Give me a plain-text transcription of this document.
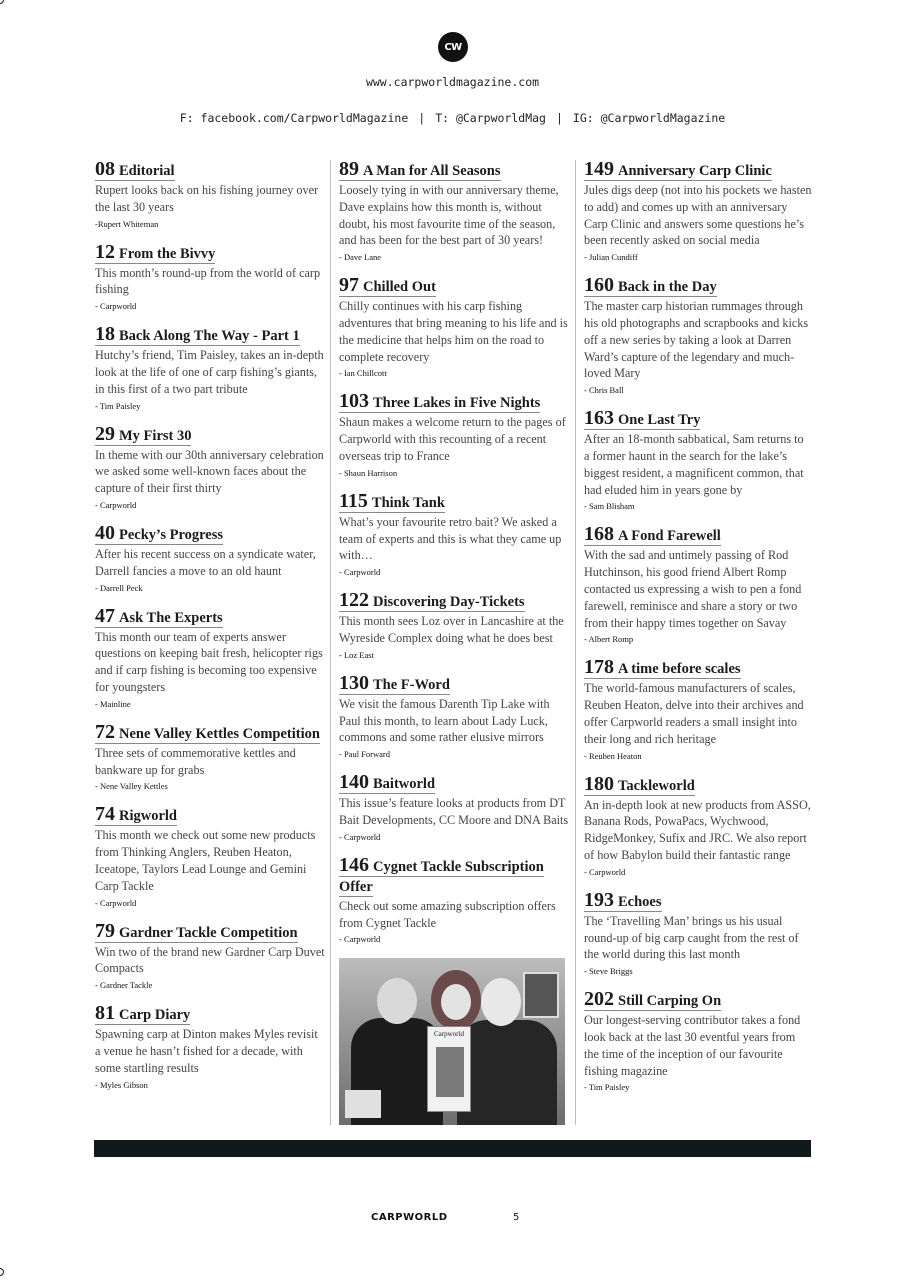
CW
www.carpworldmagazine.com
F: facebook.com/CarpworldMagazine | T: @CarpworldMag | IG: @CarpworldMagazine
08 Editorial
Rupert looks back on his fishing journey over the last 30 years
-Rupert Whiteman
12 From the Bivvy
This month’s round-up from the world of carp fishing
- Carpworld
18 Back Along The Way - Part 1
Hutchy’s friend, Tim Paisley, takes an in-depth look at the life of one of carp fishing’s giants, in this first of a two part tribute
- Tim Paisley
29 My First 30
In theme with our 30th anniversary celebration we asked some well-known faces about the capture of their first thirty
- Carpworld
40 Pecky’s Progress
After his recent success on a syndicate water, Darrell fancies a move to an old haunt
- Darrell Peck
47 Ask The Experts
This month our team of experts answer questions on keeping bait fresh, helicopter rigs and if carp fishing is becoming too expensive for youngsters
- Mainline
72 Nene Valley Kettles Competition
Three sets of commemorative kettles and bankware up for grabs
- Nene Valley Kettles
74 Rigworld
This month we check out some new products from Thinking Anglers, Reuben Heaton, Iceatope, Taylors Lead Lounge and Gemini Carp Tackle
- Carpworld
79 Gardner Tackle Competition
Win two of the brand new Gardner Carp Duvet Compacts
- Gardner Tackle
81 Carp Diary
Spawning carp at Dinton makes Myles revisit a venue he hasn’t fished for a decade, with some startling results
- Myles Gibson
89 A Man for All Seasons
Loosely tying in with our anniversary theme, Dave explains how this month is, without doubt, his most favourite time of the season, and has been for the best part of 30 years!
- Dave Lane
97 Chilled Out
Chilly continues with his carp fishing adventures that bring meaning to his life and is the medicine that helps him on the road to complete recovery
- Ian Chillcott
103 Three Lakes in Five Nights
Shaun makes a welcome return to the pages of Carpworld with this recounting of a recent overseas trip to France
- Shaun Harrison
115 Think Tank
What’s your favourite retro bait? We asked a team of experts and this is what they came up with…
- Carpworld
122 Discovering Day-Tickets
This month sees Loz over in Lancashire at the Wyreside Complex doing what he does best
- Loz East
130 The F-Word
We visit the famous Darenth Tip Lake with Paul this month, to learn about Lady Luck, commons and some rather elusive mirrors
- Paul Forward
140 Baitworld
This issue’s feature looks at products from DT Bait Developments, CC Moore and DNA Baits
- Carpworld
146 Cygnet Tackle Subscription Offer
Check out some amazing subscription offers from Cygnet Tackle
- Carpworld
Carpworld
149 Anniversary Carp Clinic
Jules digs deep (not into his pockets we hasten to add) and comes up with an anniversary Carp Clinic and answers some questions he’s been recently asked on social media
- Julian Cundiff
160 Back in the Day
The master carp historian rummages through his old photographs and scrapbooks and kicks off a new series by taking a look at Darren Ward’s capture of the legendary and much-loved Mary
- Chris Ball
163 One Last Try
After an 18-month sabbatical, Sam returns to a former haunt in the search for the lake’s biggest resident, a magnificent common, that had eluded him in years gone by
- Sam Blisham
168 A Fond Farewell
With the sad and untimely passing of Rod Hutchinson, his good friend Albert Romp contacted us expressing a wish to pen a fond farewell, reminisce and share a story or two from their happy times together on Savay
- Albert Romp
178 A time before scales
The world-famous manufacturers of scales, Reuben Heaton, delve into their archives and offer Carpworld readers a small insight into their long and rich heritage
- Reuben Heaton
180 Tackleworld
An in-depth look at new products from ASSO, Banana Rods, PowaPacs, Wychwood, RidgeMonkey, Sufix and JRC. We also report of how Babylon build their fantastic range
- Carpworld
193 Echoes
The ‘Travelling Man’ brings us his usual round-up of big carp caught from the rest of the world during this last month
- Steve Briggs
202 Still Carping On
Our longest-serving contributor takes a fond look back at the last 30 eventful years from the time of the inception of our favourite fishing magazine
- Tim Paisley
CARPWORLD	5
